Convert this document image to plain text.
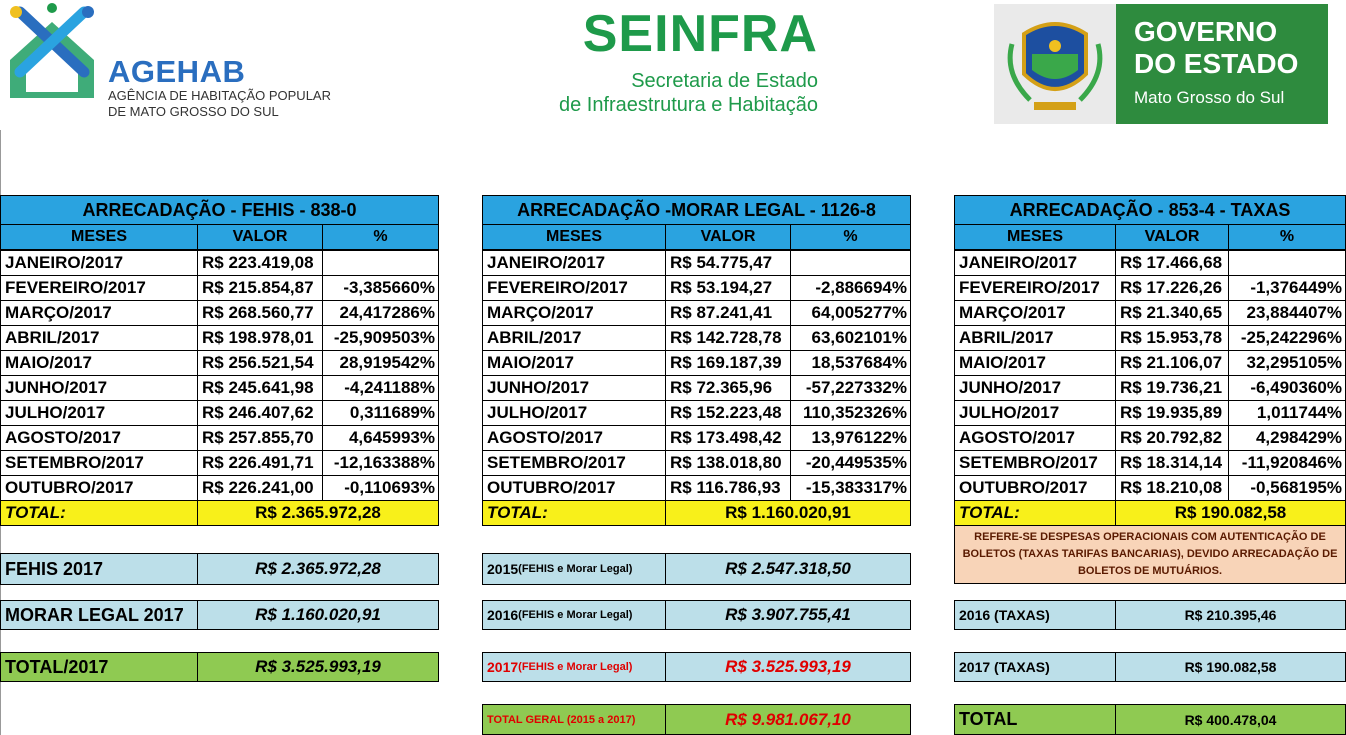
AGEHAB
AGÊNCIA DE HABITAÇÃO POPULAR
DE MATO GROSSO DO SUL
SEINFRA
Secretaria de Estado
de Infraestrutura e Habitação
GOVERNO
DO ESTADO
Mato Grosso do Sul
ARRECADAÇÃO - FEHIS - 838-0
MESES	VALOR	%
JANEIRO/2017	R$ 223.419,08
FEVEREIRO/2017	R$ 215.854,87	-3,385660%
MARÇO/2017	R$ 268.560,77	24,417286%
ABRIL/2017	R$ 198.978,01	-25,909503%
MAIO/2017	R$ 256.521,54	28,919542%
JUNHO/2017	R$ 245.641,98	-4,241188%
JULHO/2017	R$ 246.407,62	0,311689%
AGOSTO/2017	R$ 257.855,70	4,645993%
SETEMBRO/2017	R$ 226.491,71	-12,163388%
OUTUBRO/2017	R$ 226.241,00	-0,110693%
TOTAL:	R$ 2.365.972,28
ARRECADAÇÃO -MORAR LEGAL - 1126-8
MESES	VALOR	%
JANEIRO/2017	R$ 54.775,47
FEVEREIRO/2017	R$ 53.194,27	-2,886694%
MARÇO/2017	R$ 87.241,41	64,005277%
ABRIL/2017	R$ 142.728,78	63,602101%
MAIO/2017	R$ 169.187,39	18,537684%
JUNHO/2017	R$ 72.365,96	-57,227332%
JULHO/2017	R$ 152.223,48	110,352326%
AGOSTO/2017	R$ 173.498,42	13,976122%
SETEMBRO/2017	R$ 138.018,80	-20,449535%
OUTUBRO/2017	R$ 116.786,93	-15,383317%
TOTAL:	R$ 1.160.020,91
ARRECADAÇÃO - 853-4 - TAXAS
MESES	VALOR	%
JANEIRO/2017	R$ 17.466,68
FEVEREIRO/2017	R$ 17.226,26	-1,376449%
MARÇO/2017	R$ 21.340,65	23,884407%
ABRIL/2017	R$ 15.953,78	-25,242296%
MAIO/2017	R$ 21.106,07	32,295105%
JUNHO/2017	R$ 19.736,21	-6,490360%
JULHO/2017	R$ 19.935,89	1,011744%
AGOSTO/2017	R$ 20.792,82	4,298429%
SETEMBRO/2017	R$ 18.314,14	-11,920846%
OUTUBRO/2017	R$ 18.210,08	-0,568195%
TOTAL:	R$ 190.082,58
FEHIS 2017	R$ 2.365.972,28
MORAR LEGAL 2017	R$ 1.160.020,91
TOTAL/2017	R$ 3.525.993,19
2015 (FEHIS e Morar Legal)	R$ 2.547.318,50
2016 (FEHIS e Morar Legal)	R$ 3.907.755,41
2017 (FEHIS e Morar Legal)	R$ 3.525.993,19
TOTAL GERAL (2015 a 2017)	R$ 9.981.067,10
REFERE-SE DESPESAS OPERACIONAIS COM AUTENTICAÇÃO DE BOLETOS (TAXAS TARIFAS BANCARIAS), DEVIDO ARRECADAÇÃO DE BOLETOS DE MUTUÁRIOS.
2016 (TAXAS)	R$ 210.395,46
2017 (TAXAS)	R$ 190.082,58
TOTAL	R$ 400.478,04
